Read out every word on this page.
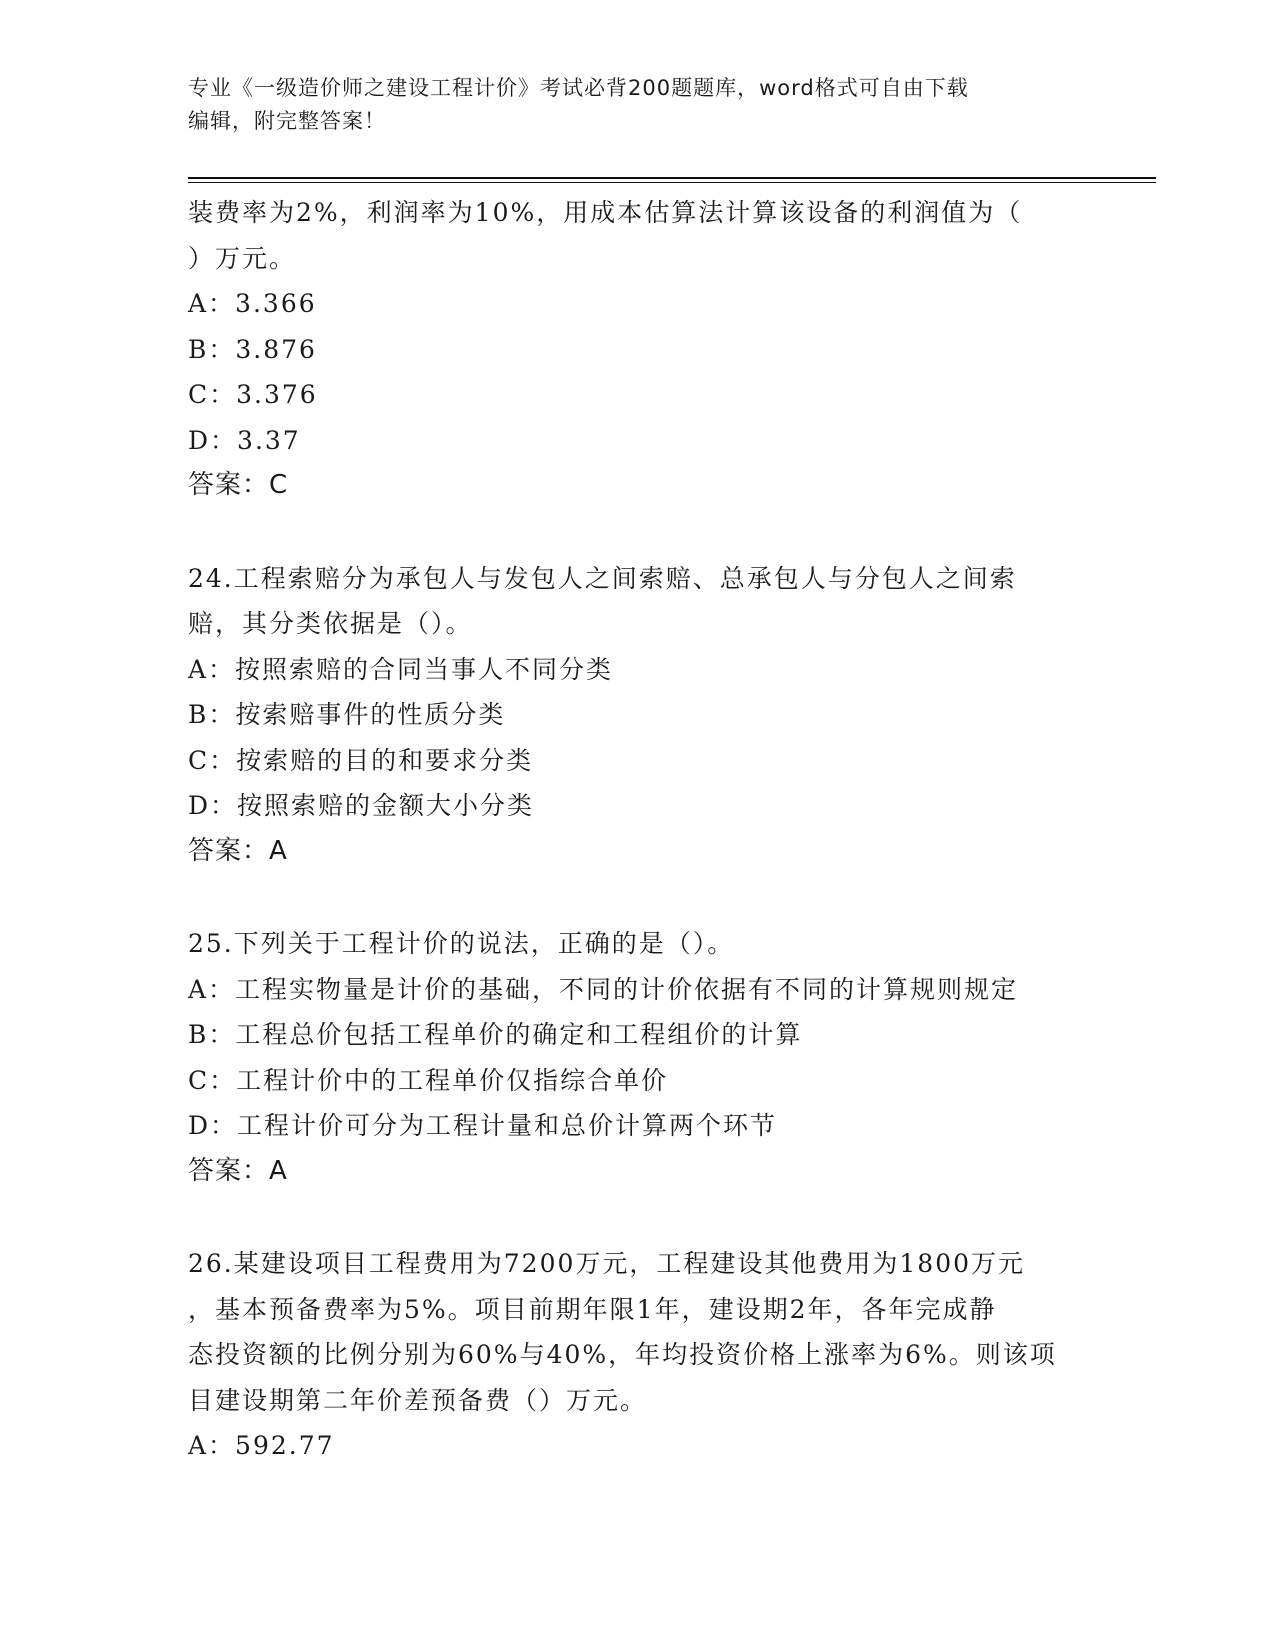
专业《一级造价师之建设工程计价》考试必背200题题库，word格式可自由下载

编辑，附完整答案！

装费率为2%，利润率为10%，用成本估算法计算该设备的利润值为（
）万元。
A：3.366
B：3.876
C：3.376
D：3.37
答案：C
24.工程索赔分为承包人与发包人之间索赔、总承包人与分包人之间索
赔，其分类依据是（）。
A：按照索赔的合同当事人不同分类
B：按索赔事件的性质分类
C：按索赔的目的和要求分类
D：按照索赔的金额大小分类
答案：A
25.下列关于工程计价的说法，正确的是（）。
A：工程实物量是计价的基础，不同的计价依据有不同的计算规则规定
B：工程总价包括工程单价的确定和工程组价的计算
C：工程计价中的工程单价仅指综合单价
D：工程计价可分为工程计量和总价计算两个环节
答案：A
26.某建设项目工程费用为7200万元，工程建设其他费用为1800万元
，基本预备费率为5%。项目前期年限1年，建设期2年，各年完成静
态投资额的比例分别为60%与40%，年均投资价格上涨率为6%。则该项
目建设期第二年价差预备费（）万元。
A：592.77
